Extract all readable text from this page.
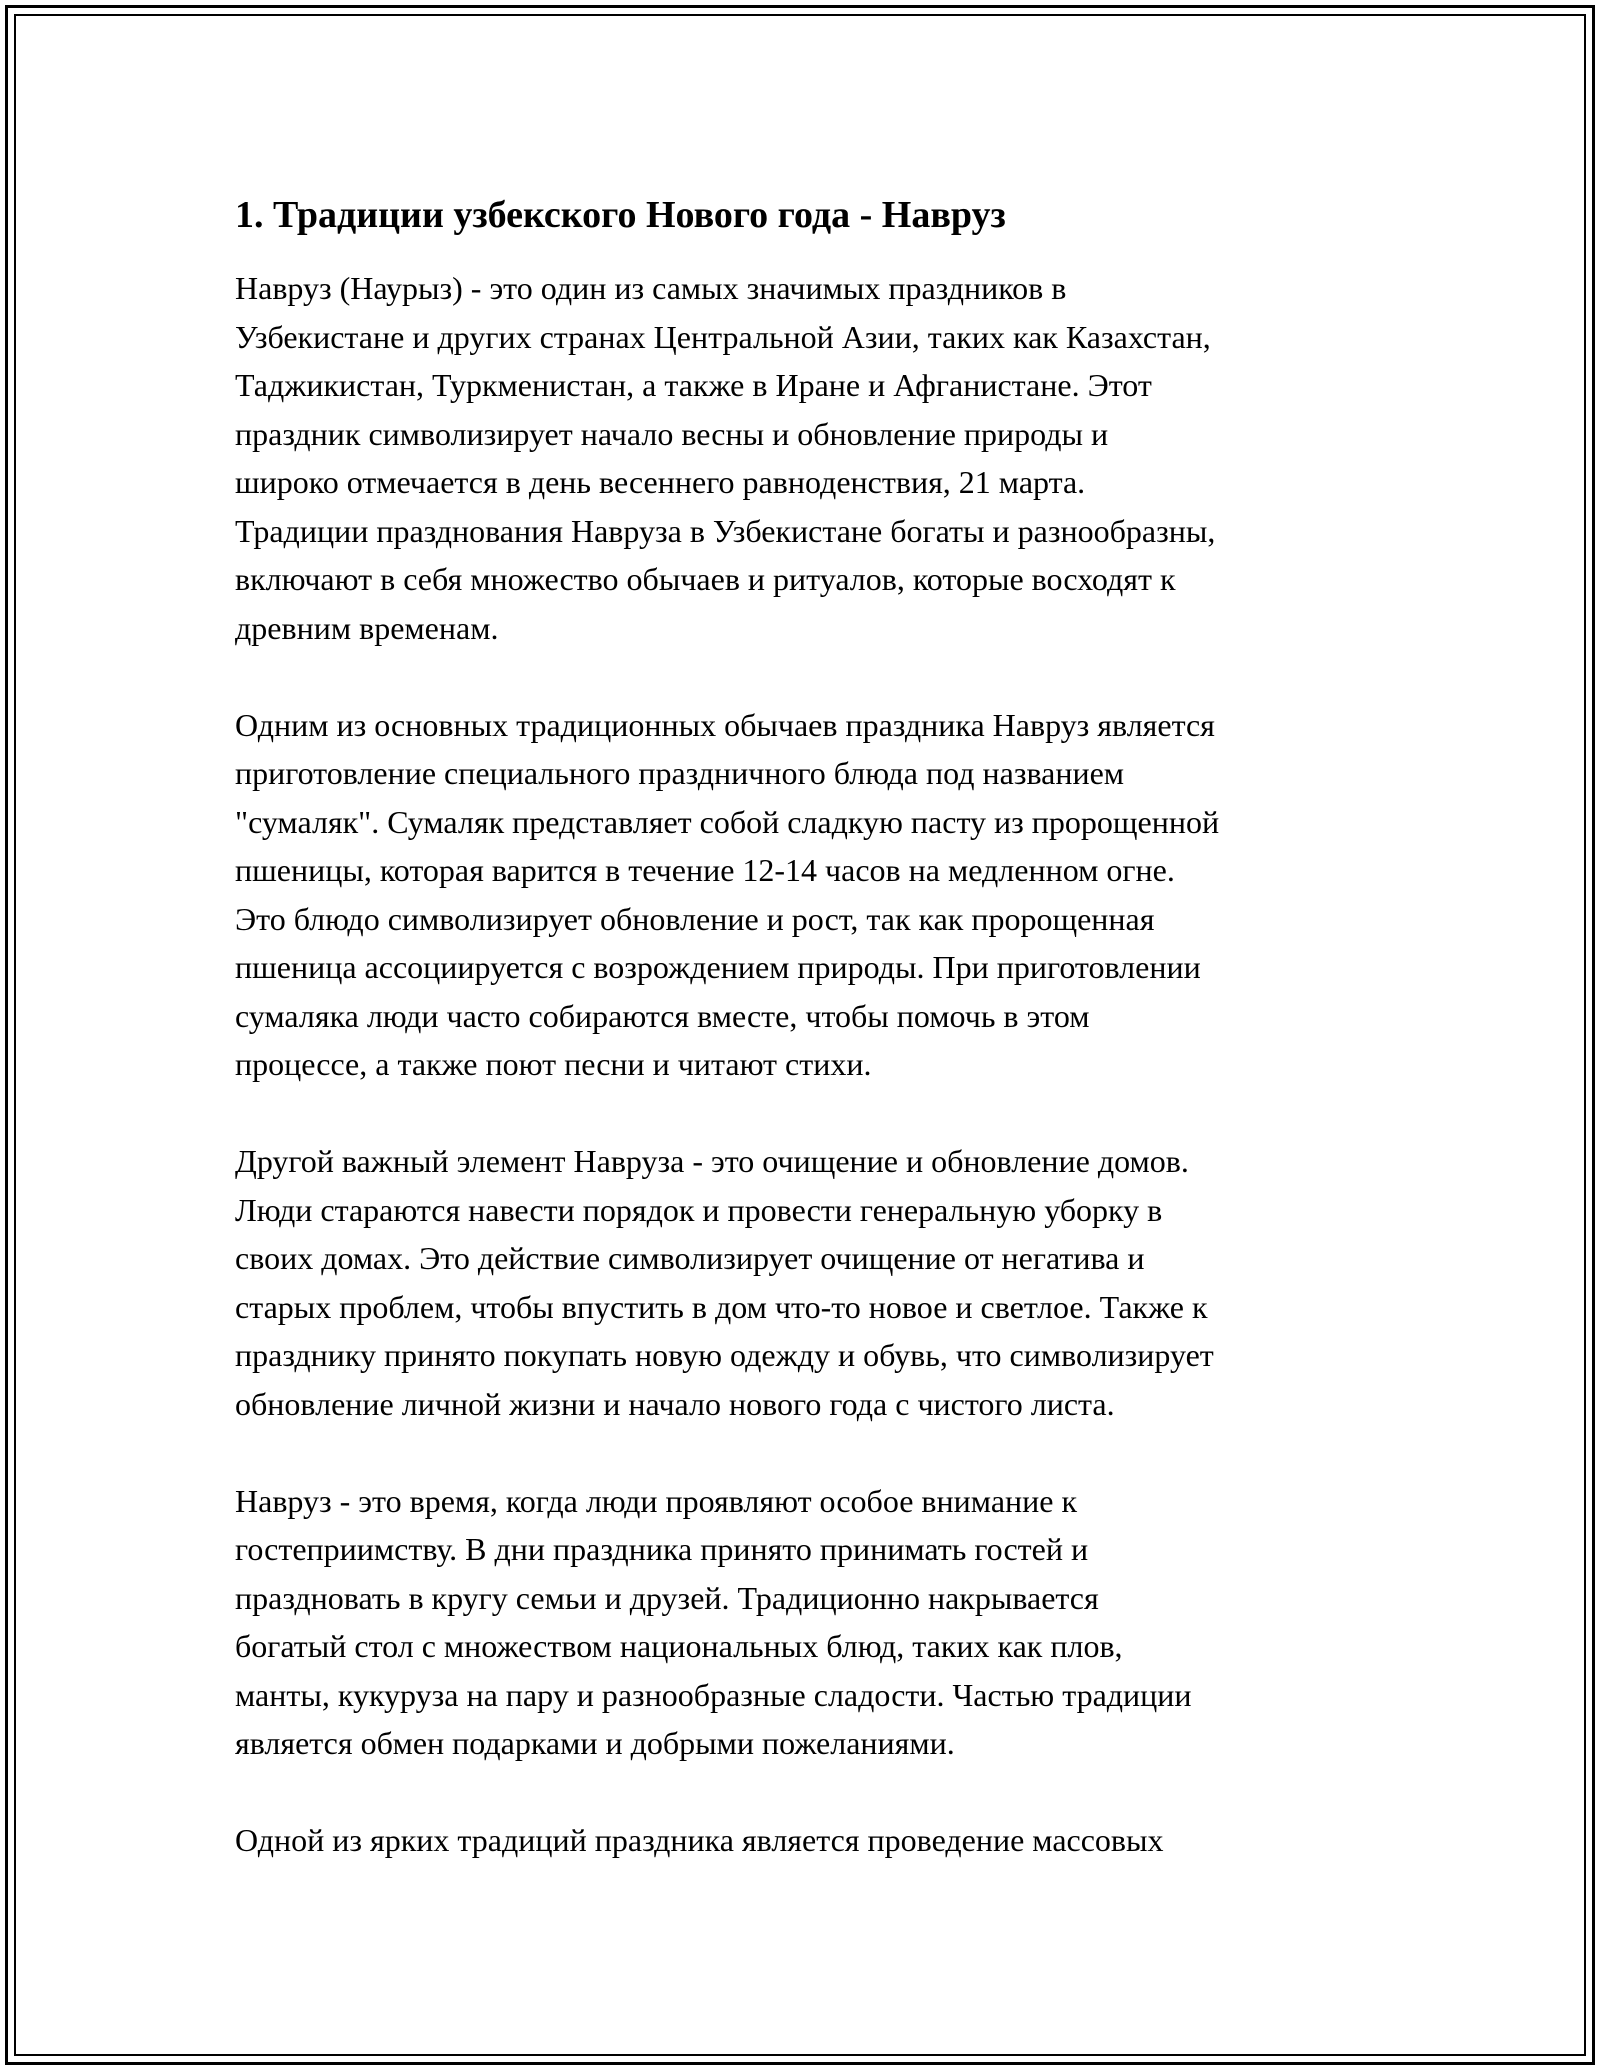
1. Традиции узбекского Нового года - Навруз

Навруз (Наурыз) - это один из самых значимых праздников в
Узбекистане и других странах Центральной Азии, таких как Казахстан,
Таджикистан, Туркменистан, а также в Иране и Афганистане. Этот
праздник символизирует начало весны и обновление природы и
широко отмечается в день весеннего равноденствия, 21 марта.
Традиции празднования Навруза в Узбекистане богаты и разнообразны,
включают в себя множество обычаев и ритуалов, которые восходят к
древним временам.

Одним из основных традиционных обычаев праздника Навруз является
приготовление специального праздничного блюда под названием
"сумаляк". Сумаляк представляет собой сладкую пасту из пророщенной
пшеницы, которая варится в течение 12-14 часов на медленном огне.
Это блюдо символизирует обновление и рост, так как пророщенная
пшеница ассоциируется с возрождением природы. При приготовлении
сумаляка люди часто собираются вместе, чтобы помочь в этом
процессе, а также поют песни и читают стихи.

Другой важный элемент Навруза - это очищение и обновление домов.
Люди стараются навести порядок и провести генеральную уборку в
своих домах. Это действие символизирует очищение от негатива и
старых проблем, чтобы впустить в дом что-то новое и светлое. Также к
празднику принято покупать новую одежду и обувь, что символизирует
обновление личной жизни и начало нового года с чистого листа.

Навруз - это время, когда люди проявляют особое внимание к
гостеприимству. В дни праздника принято принимать гостей и
праздновать в кругу семьи и друзей. Традиционно накрывается
богатый стол с множеством национальных блюд, таких как плов,
манты, кукуруза на пару и разнообразные сладости. Частью традиции
является обмен подарками и добрыми пожеланиями.

Одной из ярких традиций праздника является проведение массовых
